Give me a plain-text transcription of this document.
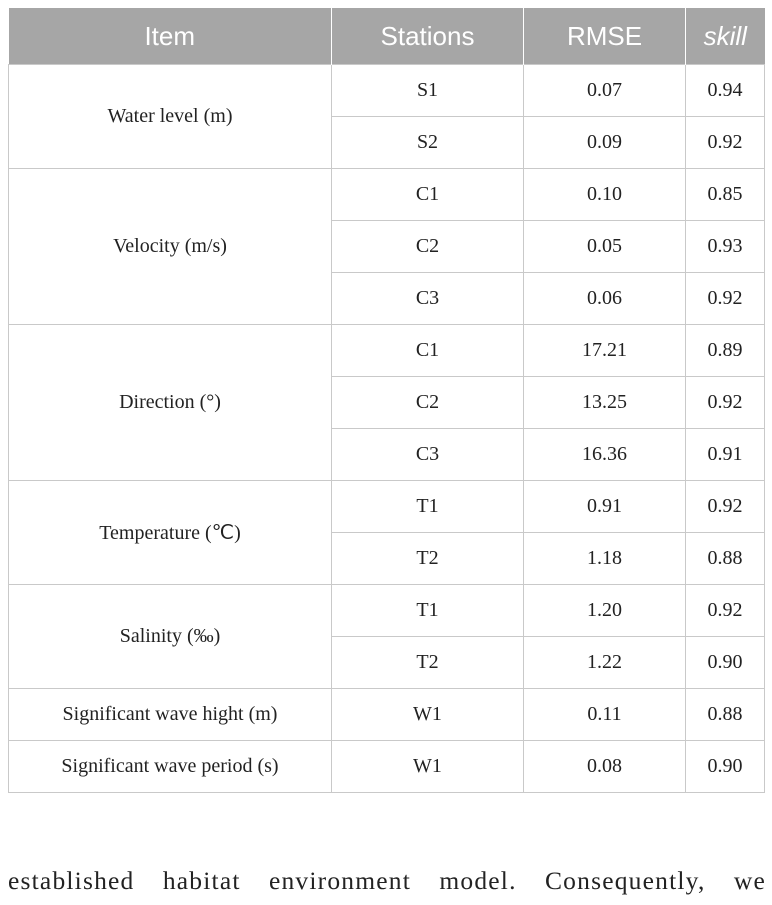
Item	Stations	RMSE	skill
Water level (m)	S1	0.07	0.94
	S2	0.09	0.92
Velocity (m/s)	C1	0.10	0.85
	C2	0.05	0.93
	C3	0.06	0.92
Direction (°)	C1	17.21	0.89
	C2	13.25	0.92
	C3	16.36	0.91
Temperature (℃)	T1	0.91	0.92
	T2	1.18	0.88
Salinity (‰)	T1	1.20	0.92
	T2	1.22	0.90
Significant wave hight (m)	W1	0.11	0.88
Significant wave period (s)	W1	0.08	0.90
established habitat environment model. Consequently, we
